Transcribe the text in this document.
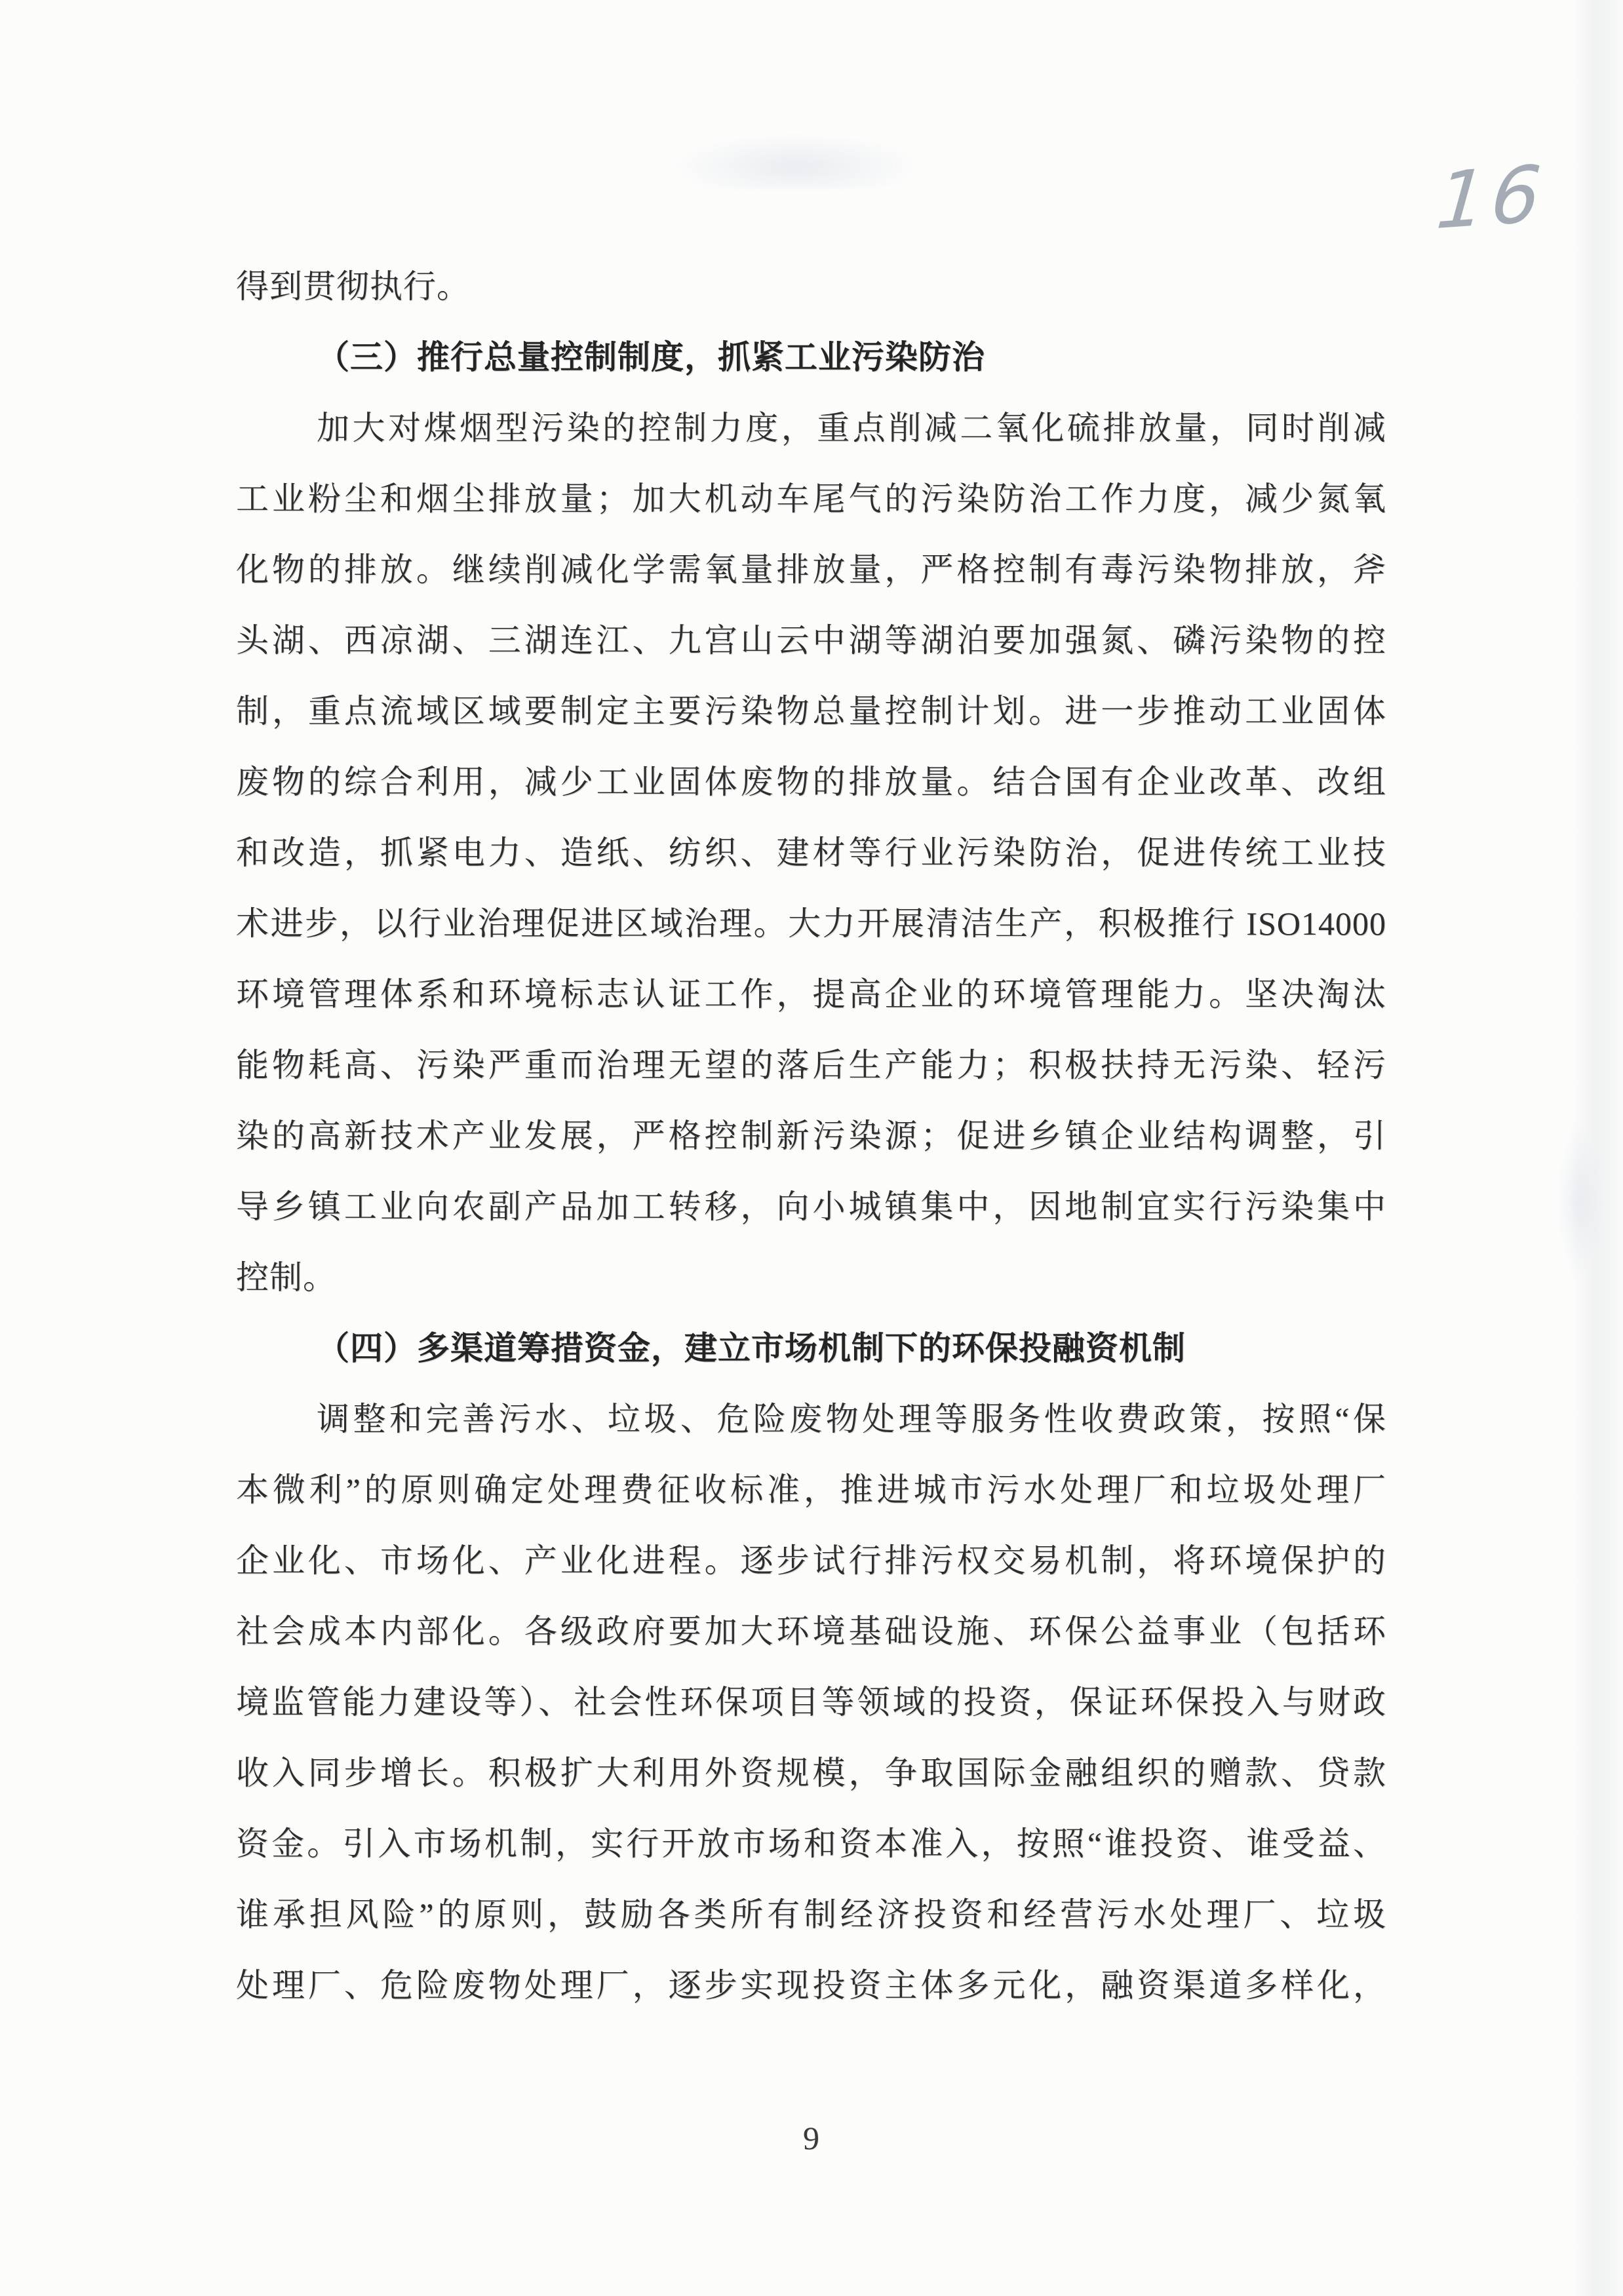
16
得到贯彻执行。
（三）推行总量控制制度，抓紧工业污染防治
加大对煤烟型污染的控制力度，重点削减二氧化硫排放量，同时削减
工业粉尘和烟尘排放量；加大机动车尾气的污染防治工作力度，减少氮氧
化物的排放。继续削减化学需氧量排放量，严格控制有毒污染物排放，斧
头湖、西凉湖、三湖连江、九宫山云中湖等湖泊要加强氮、磷污染物的控
制，重点流域区域要制定主要污染物总量控制计划。进一步推动工业固体
废物的综合利用，减少工业固体废物的排放量。结合国有企业改革、改组
和改造，抓紧电力、造纸、纺织、建材等行业污染防治，促进传统工业技
术进步，以行业治理促进区域治理。大力开展清洁生产，积极推行 ISO14000
环境管理体系和环境标志认证工作，提高企业的环境管理能力。坚决淘汰
能物耗高、污染严重而治理无望的落后生产能力；积极扶持无污染、轻污
染的高新技术产业发展，严格控制新污染源；促进乡镇企业结构调整，引
导乡镇工业向农副产品加工转移，向小城镇集中，因地制宜实行污染集中
控制。
（四）多渠道筹措资金，建立市场机制下的环保投融资机制
调整和完善污水、垃圾、危险废物处理等服务性收费政策，按照“保
本微利”的原则确定处理费征收标准，推进城市污水处理厂和垃圾处理厂
企业化、市场化、产业化进程。逐步试行排污权交易机制，将环境保护的
社会成本内部化。各级政府要加大环境基础设施、环保公益事业（包括环
境监管能力建设等）、社会性环保项目等领域的投资，保证环保投入与财政
收入同步增长。积极扩大利用外资规模，争取国际金融组织的赠款、贷款
资金。引入市场机制，实行开放市场和资本准入，按照“谁投资、谁受益、
谁承担风险”的原则，鼓励各类所有制经济投资和经营污水处理厂、垃圾
处理厂、危险废物处理厂，逐步实现投资主体多元化，融资渠道多样化，
9
